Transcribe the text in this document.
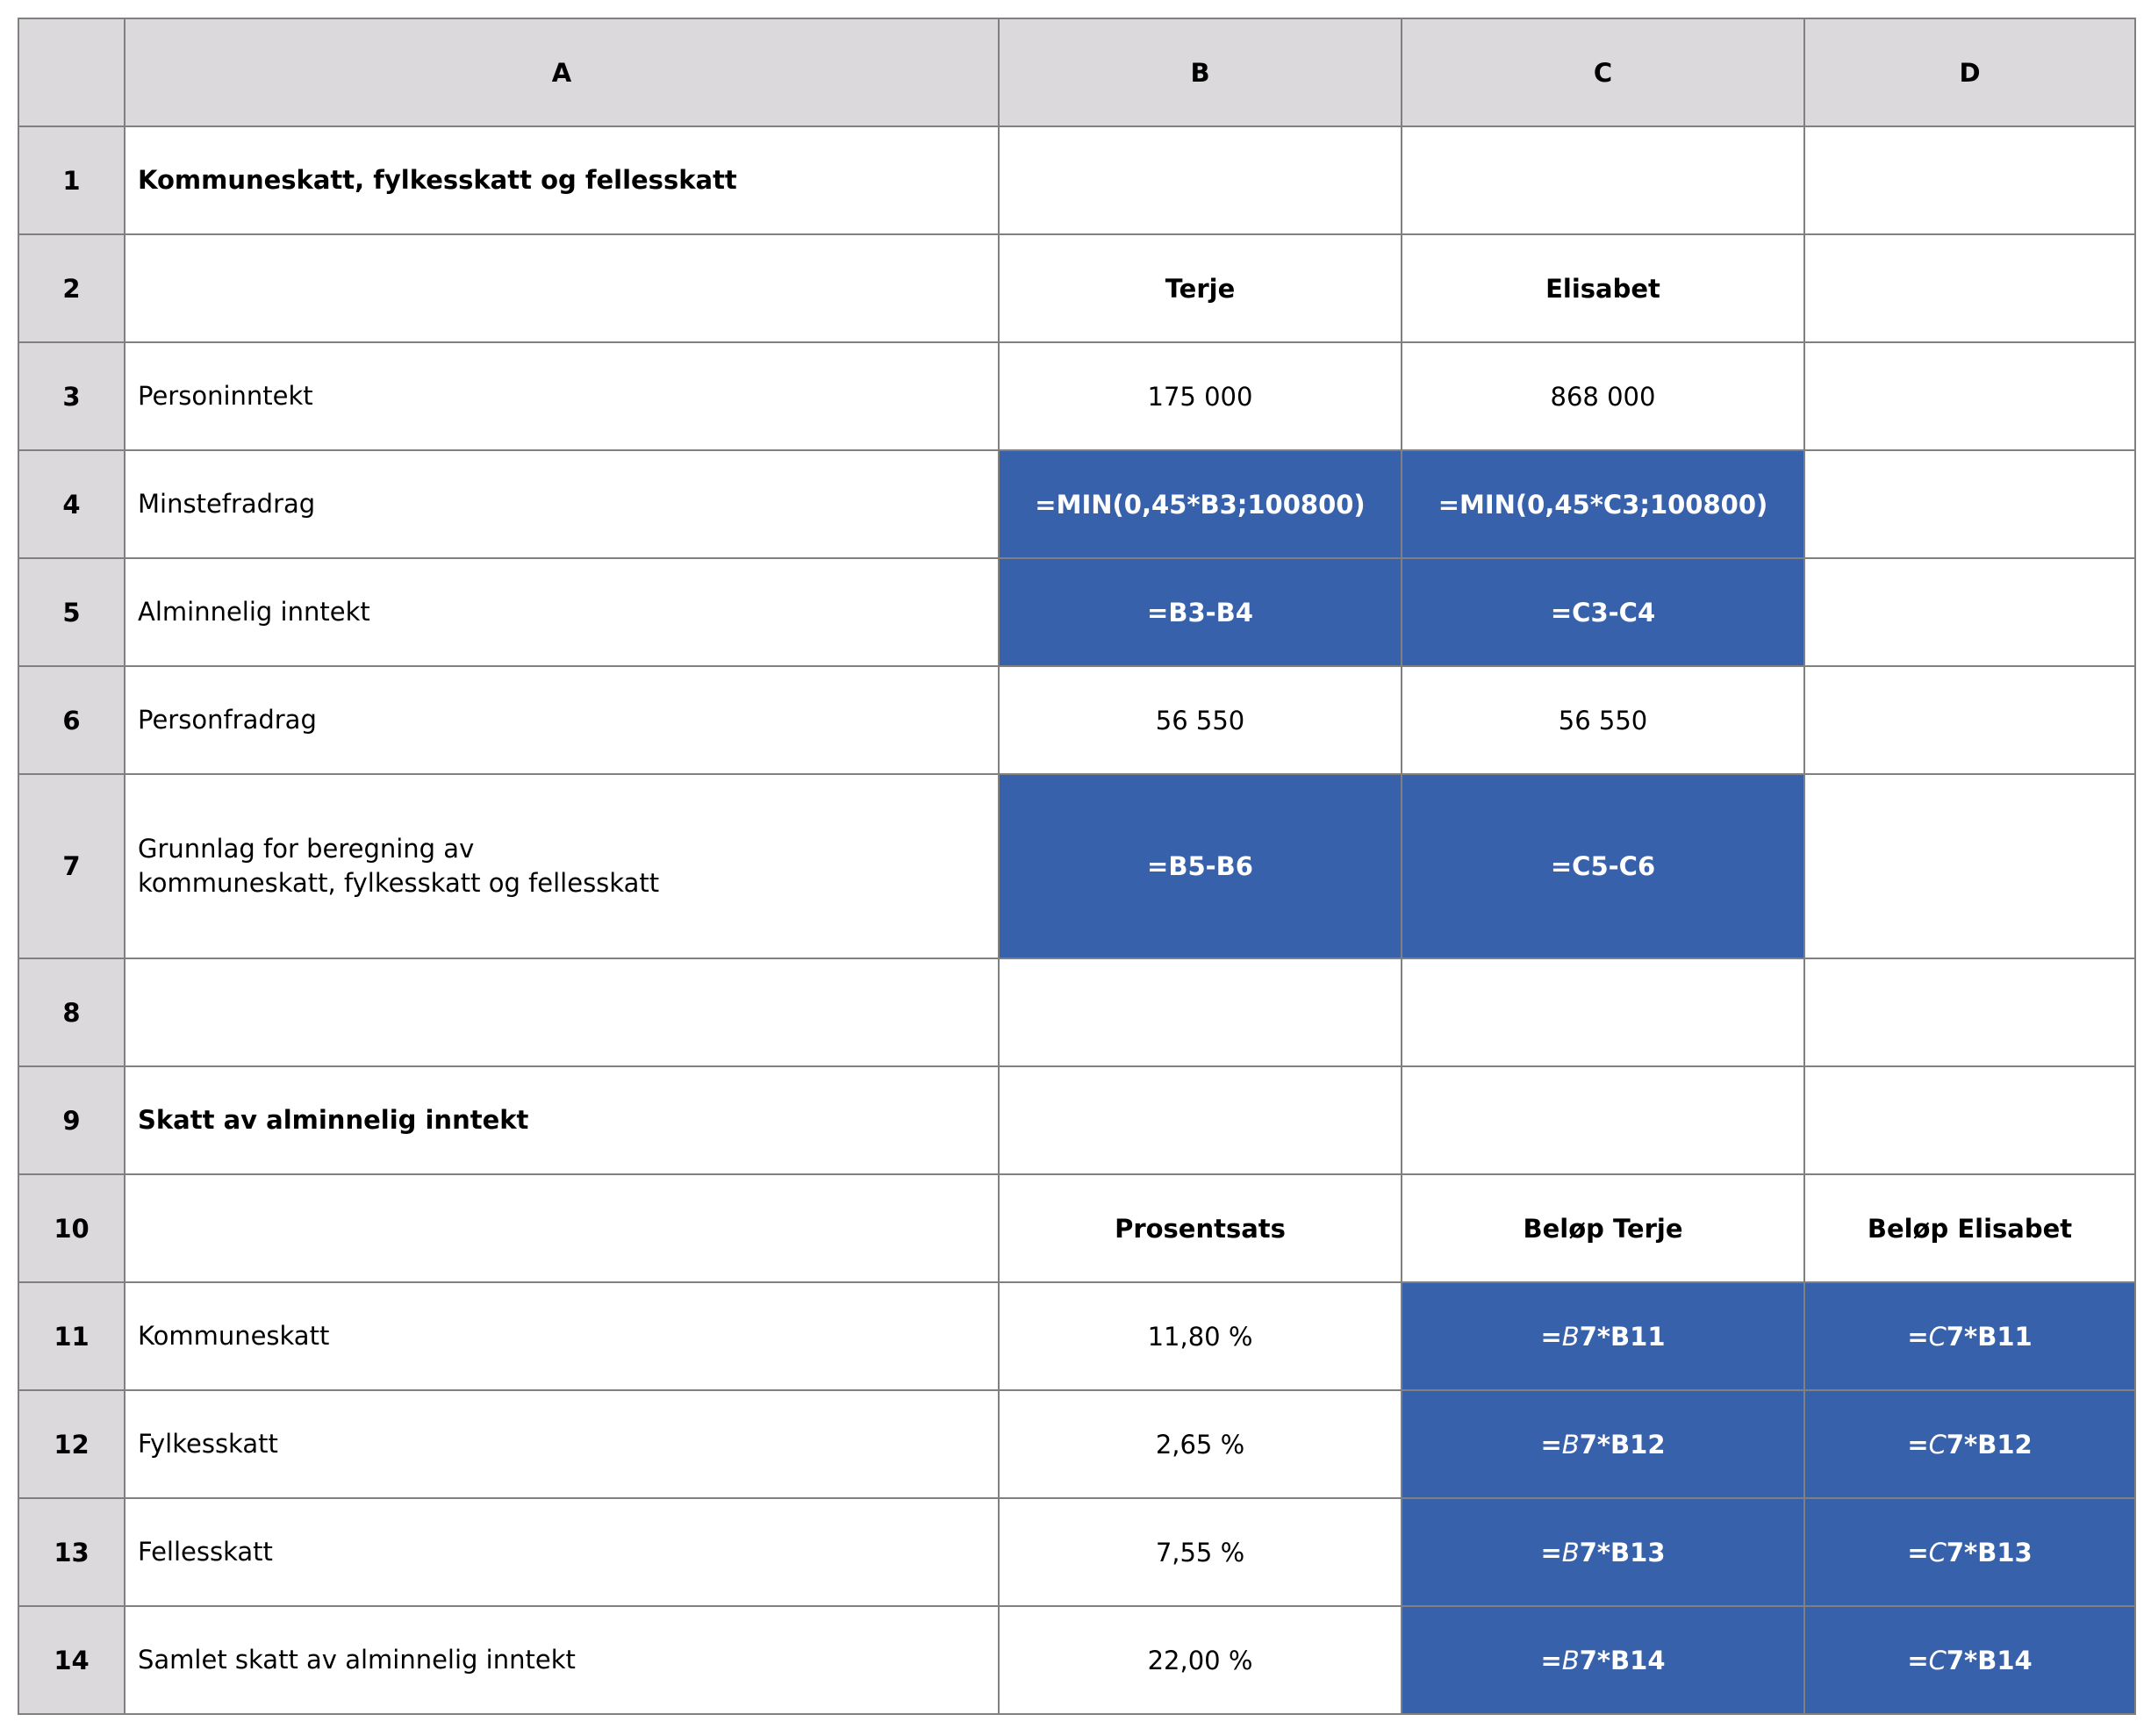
	A	B	C	D
1	Kommuneskatt, fylkesskatt og fellesskatt			
2		Terje	Elisabet	
3	Personinntekt	175 000	868 000	
4	Minstefradrag	=MIN(0,45*B3;100800)	=MIN(0,45*C3;100800)	
5	Alminnelig inntekt	=B3-B4	=C3-C4	
6	Personfradrag	56 550	56 550	
7	Grunnlag for beregning av
kommuneskatt, fylkesskatt og fellesskatt	=B5-B6	=C5-C6	
8				
9	Skatt av alminnelig inntekt			
10		Prosentsats	Beløp Terje	Beløp Elisabet
11	Kommuneskatt	11,80 %	=B7*B11	=C7*B11
12	Fylkesskatt	2,65 %	=B7*B12	=C7*B12
13	Fellesskatt	7,55 %	=B7*B13	=C7*B13
14	Samlet skatt av alminnelig inntekt	22,00 %	=B7*B14	=C7*B14
